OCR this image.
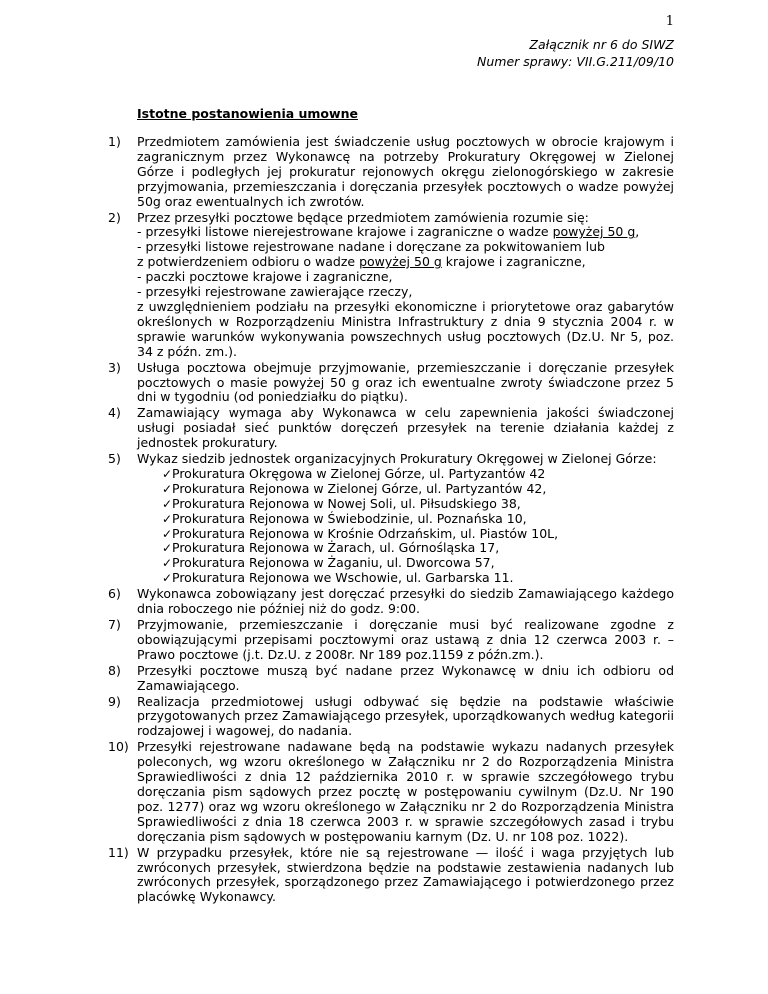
1
Załącznik nr 6 do SIWZ
Numer sprawy: VII.G.211/09/10
Istotne postanowienia umowne
1) Przedmiotem zamówienia jest świadczenie usług pocztowych w obrocie krajowym i zagranicznym przez Wykonawcę na potrzeby Prokuratury Okręgowej w Zielonej Górze i podległych jej prokuratur rejonowych okręgu zielonogórskiego w zakresie przyjmowania, przemieszczania i doręczania przesyłek pocztowych o wadze powyżej 50g oraz ewentualnych ich zwrotów.

2) Przez przesyłki pocztowe będące przedmiotem zamówienia rozumie się:

- przesyłki listowe nierejestrowane krajowe i zagraniczne o wadze powyżej 50 g,

- przesyłki listowe rejestrowane nadane i doręczane za pokwitowaniem lub

z potwierdzeniem odbioru o wadze powyżej 50 g krajowe i zagraniczne,

- paczki pocztowe krajowe i zagraniczne,

- przesyłki rejestrowane zawierające rzeczy,

z uwzględnieniem podziału na przesyłki ekonomiczne i priorytetowe oraz gabarytów określonych w Rozporządzeniu Ministra Infrastruktury z dnia 9 stycznia 2004 r. w sprawie warunków wykonywania powszechnych usług pocztowych (Dz.U. Nr 5, poz. 34 z późn. zm.).

3) Usługa pocztowa obejmuje przyjmowanie, przemieszczanie i doręczanie przesyłek pocztowych o masie powyżej 50 g oraz ich ewentualne zwroty świadczone przez 5 dni w tygodniu (od poniedziałku do piątku).

4) Zamawiający wymaga aby Wykonawca w celu zapewnienia jakości świadczonej usługi posiadał sieć punktów doręczeń przesyłek na terenie działania każdej z jednostek prokuratury.

5) Wykaz siedzib jednostek organizacyjnych Prokuratury Okręgowej w Zielonej Górze:

✓ Prokuratura Okręgowa w Zielonej Górze, ul. Partyzantów 42
✓ Prokuratura Rejonowa w Zielonej Górze, ul. Partyzantów 42,
✓ Prokuratura Rejonowa w Nowej Soli, ul. Piłsudskiego 38,
✓ Prokuratura Rejonowa w Świebodzinie, ul. Poznańska 10,
✓ Prokuratura Rejonowa w Krośnie Odrzańskim, ul. Piastów 10L,
✓ Prokuratura Rejonowa w Żarach, ul. Górnośląska 17,
✓ Prokuratura Rejonowa w Żaganiu, ul. Dworcowa 57,
✓ Prokuratura Rejonowa we Wschowie, ul. Garbarska 11.
6) Wykonawca zobowiązany jest doręczać przesyłki do siedzib Zamawiającego każdego dnia roboczego nie później niż do godz. 9:00.

7) Przyjmowanie, przemieszczanie i doręczanie musi być realizowane zgodne z obowiązującymi przepisami pocztowymi oraz ustawą z dnia 12 czerwca 2003 r. – Prawo pocztowe (j.t. Dz.U. z 2008r. Nr 189 poz.1159 z późn.zm.).

8) Przesyłki pocztowe muszą być nadane przez Wykonawcę w dniu ich odbioru od Zamawiającego.

9) Realizacja przedmiotowej usługi odbywać się będzie na podstawie właściwie przygotowanych przez Zamawiającego przesyłek, uporządkowanych według kategorii rodzajowej i wagowej, do nadania.

10) Przesyłki rejestrowane nadawane będą na podstawie wykazu nadanych przesyłek poleconych, wg wzoru określonego w Załączniku nr 2 do Rozporządzenia Ministra Sprawiedliwości z dnia 12 października 2010 r. w sprawie szczegółowego trybu doręczania pism sądowych przez pocztę w postępowaniu cywilnym (Dz.U. Nr 190 poz. 1277) oraz wg wzoru określonego w Załączniku nr 2 do Rozporządzenia Ministra Sprawiedliwości z dnia 18 czerwca 2003 r. w sprawie szczegółowych zasad i trybu doręczania pism sądowych w postępowaniu karnym (Dz. U. nr 108 poz. 1022).

11) W przypadku przesyłek, które nie są rejestrowane — ilość i waga przyjętych lub zwróconych przesyłek, stwierdzona będzie na podstawie zestawienia nadanych lub zwróconych przesyłek, sporządzonego przez Zamawiającego i potwierdzonego przez placówkę Wykonawcy.
